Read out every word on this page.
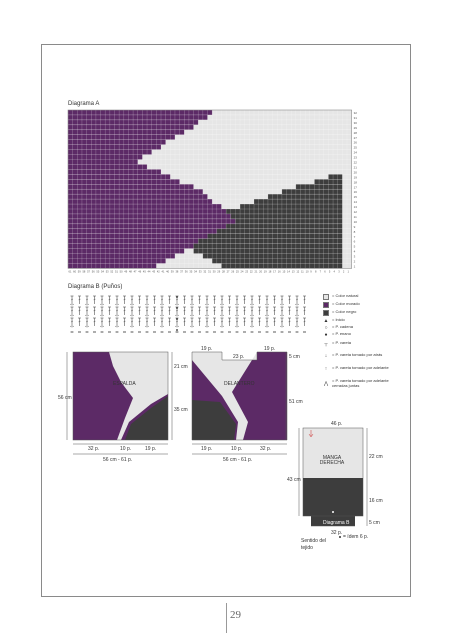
Diagrama A
32
31
30
29
28
27
26
25
24
23
22
21
20
19
18
17
16
15
14
13
12
11
10
9
8
7
6
5
4
3
2
1
61 60 59 58 57 56 55 54 53 52 51 50 49 48 47 46 45 44 43 42 41 40 39 38 37 36 35 34 33 32 31 30 29 28 27 26 25 24 23 22 21 20 19 18 17 16 15 14 13 12 11 10 9 8 7 6 5 4 3 2 1
Diagrama B (Puños)
= Color natural
= Color morado
= Color negro
▲ = Inicio
○	= P. cadena
●	= P. enano
┬	= P. vareta
↓	= P. vareta tomado por atrás
↑	= P. vareta tomado por adelante
⋀
= P. vareta tomado por adelante cerradas juntas
ESPALDA
56 cm
21 cm
35 cm
32 p.	10 p.	19 p.
56 cm - 61 p.
19 p.
23 p.
19 p.
5 cm
51 cm
DELANTERO
19 p.	10 p.	32 p.
56 cm - 61 p.
46 p.
MANGA DERECHA
22 cm
43 cm
16 cm
5 cm
Diagrama B
32 p.
Sentido del tejido
= ídem 6 p.
29
